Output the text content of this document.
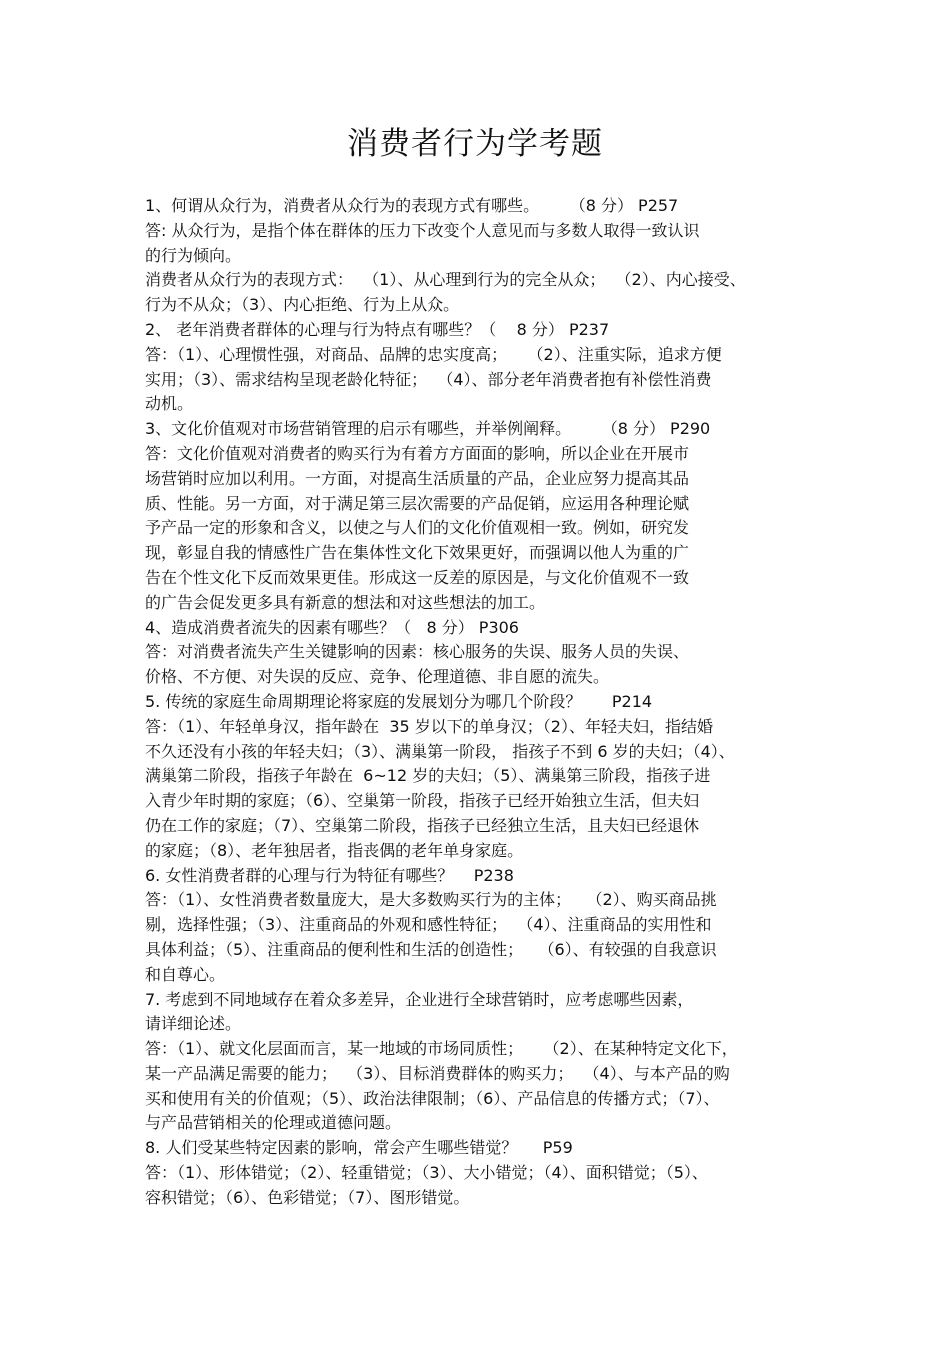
消费者行为学考题
1、何谓从众行为，消费者从众行为的表现方式有哪些。      （8 分） P257
答: 从众行为，是指个体在群体的压力下改变个人意见而与多数人取得一致认识
的行为倾向。
消费者从众行为的表现方式：  （1）、从心理到行为的完全从众；  （2）、内心接受、
行为不从众；（3）、内心拒绝、行为上从众。
2、 老年消费者群体的心理与行为特点有哪些？（    8 分） P237
答：（1）、心理惯性强，对商品、品牌的忠实度高；    （2）、注重实际，追求方便
实用；（3）、需求结构呈现老龄化特征；  （4）、部分老年消费者抱有补偿性消费
动机。
3、文化价值观对市场营销管理的启示有哪些，并举例阐释。      （8 分） P290
答：文化价值观对消费者的购买行为有着方方面面的影响，所以企业在开展市
场营销时应加以利用。一方面，对提高生活质量的产品，企业应努力提高其品
质、性能。另一方面，对于满足第三层次需要的产品促销，应运用各种理论赋
予产品一定的形象和含义，以使之与人们的文化价值观相一致。例如，研究发
现，彰显自我的情感性广告在集体性文化下效果更好，而强调以他人为重的广
告在个性文化下反而效果更佳。形成这一反差的原因是，与文化价值观不一致
的广告会促发更多具有新意的想法和对这些想法的加工。
4、造成消费者流失的因素有哪些？（   8 分） P306
答：对消费者流失产生关键影响的因素：核心服务的失误、服务人员的失误、
价格、不方便、对失误的反应、竞争、伦理道德、非自愿的流失。
5. 传统的家庭生命周期理论将家庭的发展划分为哪几个阶段？      P214
答：（1）、年轻单身汉，指年龄在  35 岁以下的单身汉；（2）、年轻夫妇，指结婚
不久还没有小孩的年轻夫妇；（3）、满巢第一阶段， 指孩子不到 6 岁的夫妇；（4）、
满巢第二阶段，指孩子年龄在  6~12 岁的夫妇；（5）、满巢第三阶段，指孩子进
入青少年时期的家庭；（6）、空巢第一阶段，指孩子已经开始独立生活，但夫妇
仍在工作的家庭；（7）、空巢第二阶段，指孩子已经独立生活，且夫妇已经退休
的家庭；（8）、老年独居者，指丧偶的老年单身家庭。
6. 女性消费者群的心理与行为特征有哪些？    P238
答：（1）、女性消费者数量庞大，是大多数购买行为的主体；   （2）、购买商品挑
剔，选择性强；（3）、注重商品的外观和感性特征；  （4）、注重商品的实用性和
具体利益；（5）、注重商品的便利性和生活的创造性；   （6）、有较强的自我意识
和自尊心。
7. 考虑到不同地域存在着众多差异，企业进行全球营销时，应考虑哪些因素，
请详细论述。
答：（1）、就文化层面而言，某一地域的市场同质性；    （2）、在某种特定文化下，
某一产品满足需要的能力；  （3）、目标消费群体的购买力；  （4）、与本产品的购
买和使用有关的价值观；（5）、政治法律限制；（6）、产品信息的传播方式；（7）、
与产品营销相关的伦理或道德问题。
8. 人们受某些特定因素的影响，常会产生哪些错觉？     P59
答：（1）、形体错觉；（2）、轻重错觉；（3）、大小错觉；（4）、面积错觉；（5）、
容积错觉；（6）、色彩错觉；（7）、图形错觉。
